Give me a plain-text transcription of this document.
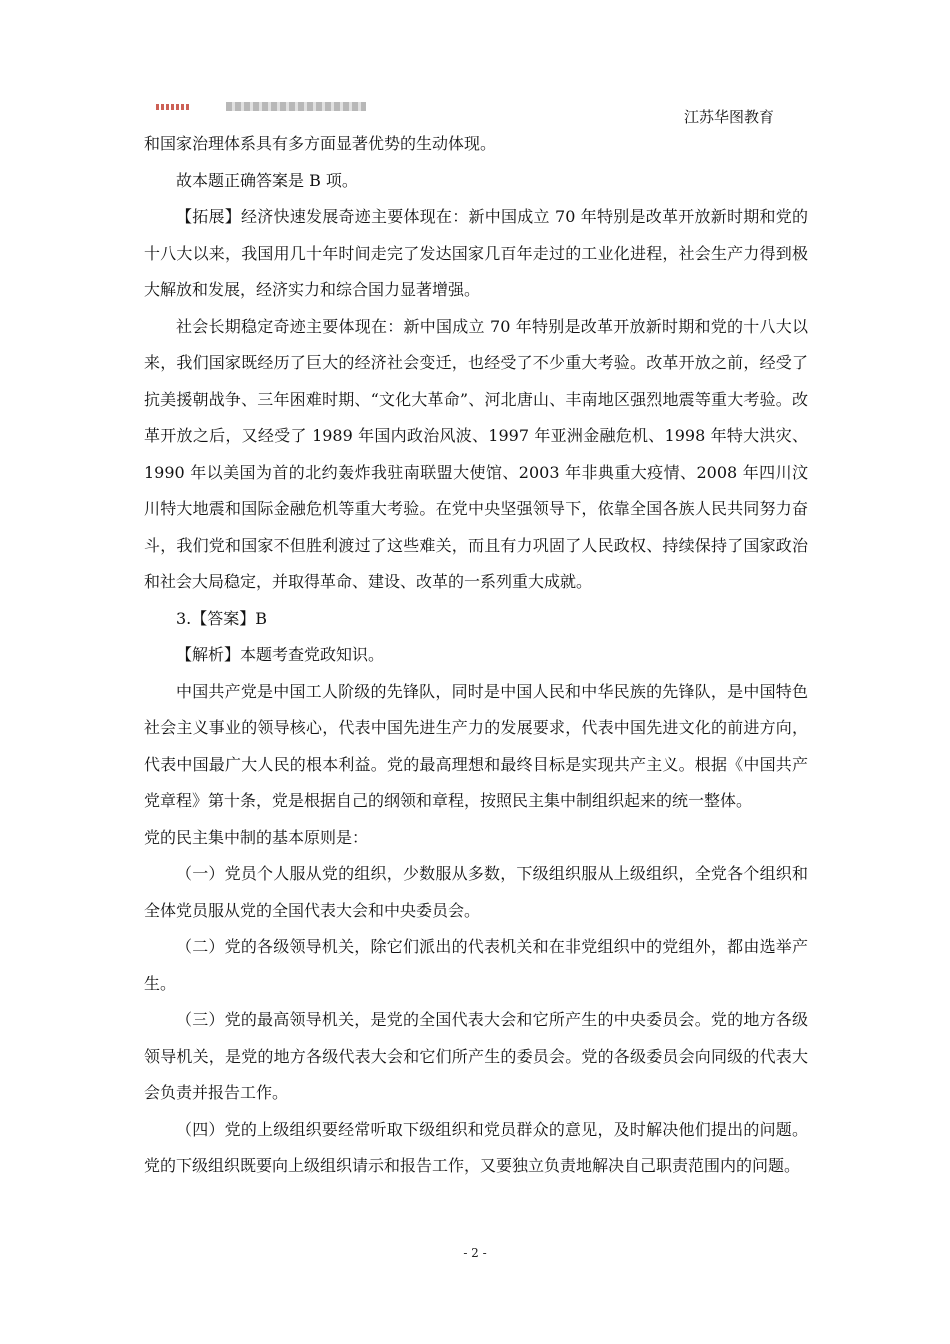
江苏华图教育

和国家治理体系具有多方面显著优势的生动体现。

故本题正确答案是 B 项。

【拓展】经济快速发展奇迹主要体现在：新中国成立 70 年特别是改革开放新时期和党的十八大以来，我国用几十年时间走完了发达国家几百年走过的工业化进程，社会生产力得到极大解放和发展，经济实力和综合国力显著增强。

社会长期稳定奇迹主要体现在：新中国成立 70 年特别是改革开放新时期和党的十八大以来，我们国家既经历了巨大的经济社会变迁，也经受了不少重大考验。改革开放之前，经受了抗美援朝战争、三年困难时期、“文化大革命”、河北唐山、丰南地区强烈地震等重大考验。改革开放之后，又经受了 1989 年国内政治风波、1997 年亚洲金融危机、1998 年特大洪灾、1990 年以美国为首的北约轰炸我驻南联盟大使馆、2003 年非典重大疫情、2008 年四川汶川特大地震和国际金融危机等重大考验。在党中央坚强领导下，依靠全国各族人民共同努力奋斗，我们党和国家不但胜利渡过了这些难关，而且有力巩固了人民政权、持续保持了国家政治和社会大局稳定，并取得革命、建设、改革的一系列重大成就。

3.【答案】B

【解析】本题考查党政知识。

中国共产党是中国工人阶级的先锋队，同时是中国人民和中华民族的先锋队，是中国特色社会主义事业的领导核心，代表中国先进生产力的发展要求，代表中国先进文化的前进方向，代表中国最广大人民的根本利益。党的最高理想和最终目标是实现共产主义。根据《中国共产党章程》第十条，党是根据自己的纲领和章程，按照民主集中制组织起来的统一整体。

党的民主集中制的基本原则是：

（一）党员个人服从党的组织，少数服从多数，下级组织服从上级组织，全党各个组织和全体党员服从党的全国代表大会和中央委员会。

（二）党的各级领导机关，除它们派出的代表机关和在非党组织中的党组外，都由选举产生。

（三）党的最高领导机关，是党的全国代表大会和它所产生的中央委员会。党的地方各级领导机关，是党的地方各级代表大会和它们所产生的委员会。党的各级委员会向同级的代表大会负责并报告工作。

（四）党的上级组织要经常听取下级组织和党员群众的意见，及时解决他们提出的问题。党的下级组织既要向上级组织请示和报告工作，又要独立负责地解决自己职责范围内的问题。

- 2 -
